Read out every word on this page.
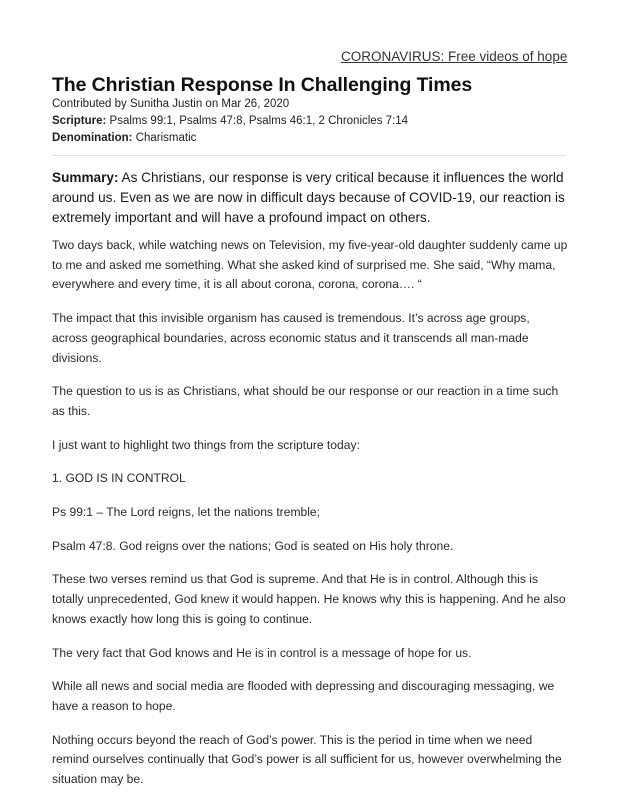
CORONAVIRUS: Free videos of hope
The Christian Response In Challenging Times
Contributed by Sunitha Justin on Mar 26, 2020
Scripture: Psalms 99:1, Psalms 47:8, Psalms 46:1, 2 Chronicles 7:14
Denomination: Charismatic

Summary: As Christians, our response is very critical because it influences the world around us. Even as we are now in difficult days because of COVID-19, our reaction is extremely important and will have a profound impact on others.

Two days back, while watching news on Television, my five-year-old daughter suddenly came up to me and asked me something. What she asked kind of surprised me. She said, “Why mama, everywhere and every time, it is all about corona, corona, corona…. “

The impact that this invisible organism has caused is tremendous. It’s across age groups, across geographical boundaries, across economic status and it transcends all man-made divisions.

The question to us is as Christians, what should be our response or our reaction in a time such as this.

I just want to highlight two things from the scripture today:

1. GOD IS IN CONTROL

Ps 99:1 – The Lord reigns, let the nations tremble;

Psalm 47:8. God reigns over the nations; God is seated on His holy throne.

These two verses remind us that God is supreme. And that He is in control. Although this is totally unprecedented, God knew it would happen. He knows why this is happening. And he also knows exactly how long this is going to continue.

The very fact that God knows and He is in control is a message of hope for us.

While all news and social media are flooded with depressing and discouraging messaging, we have a reason to hope.

Nothing occurs beyond the reach of God’s power. This is the period in time when we need remind ourselves continually that God’s power is all sufficient for us, however overwhelming the situation may be.
